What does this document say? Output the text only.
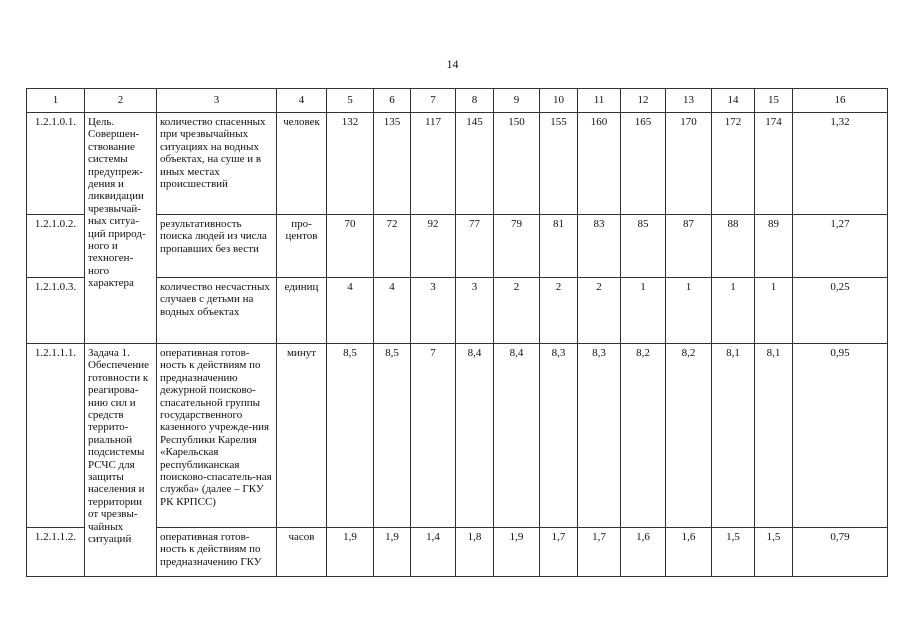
14
1	2	3	4	5	6	7	8	9	10	11	12	13	14	15	16
1.2.1.0.1.	Цель. Совершен-ствование системы предупреж-дения и ликвидации чрезвычай-ных ситуа-ций природ-ного и техноген-ного характера	количество спасенных при чрезвычайных ситуациях на водных объектах, на суше и в иных местах происшествий	человек	132	135	117	145	150	155	160	165	170	172	174	1,32
1.2.1.0.2.		результативность поиска людей из числа пропавших без вести	про-центов	70	72	92	77	79	81	83	85	87	88	89	1,27
1.2.1.0.3.		количество несчастных случаев с детьми на водных объектах	единиц	4	4	3	3	2	2	2	1	1	1	1	0,25
1.2.1.1.1.	Задача 1. Обеспечение готовности к реагирова-нию сил и средств террито-риальной подсистемы РСЧС для защиты населения и территории от чрезвы-чайных ситуаций	оперативная готов-ность к действиям по предназначению дежурной поисково-спасательной группы государственного казенного учрежде-ния Республики Карелия «Карельская республиканская поисково-спасатель-ная служба» (далее – ГКУ РК КРПСС)	минут	8,5	8,5	7	8,4	8,4	8,3	8,3	8,2	8,2	8,1	8,1	0,95
1.2.1.1.2.		оперативная готов-ность к действиям по предназначению ГКУ	часов	1,9	1,9	1,4	1,8	1,9	1,7	1,7	1,6	1,6	1,5	1,5	0,79
